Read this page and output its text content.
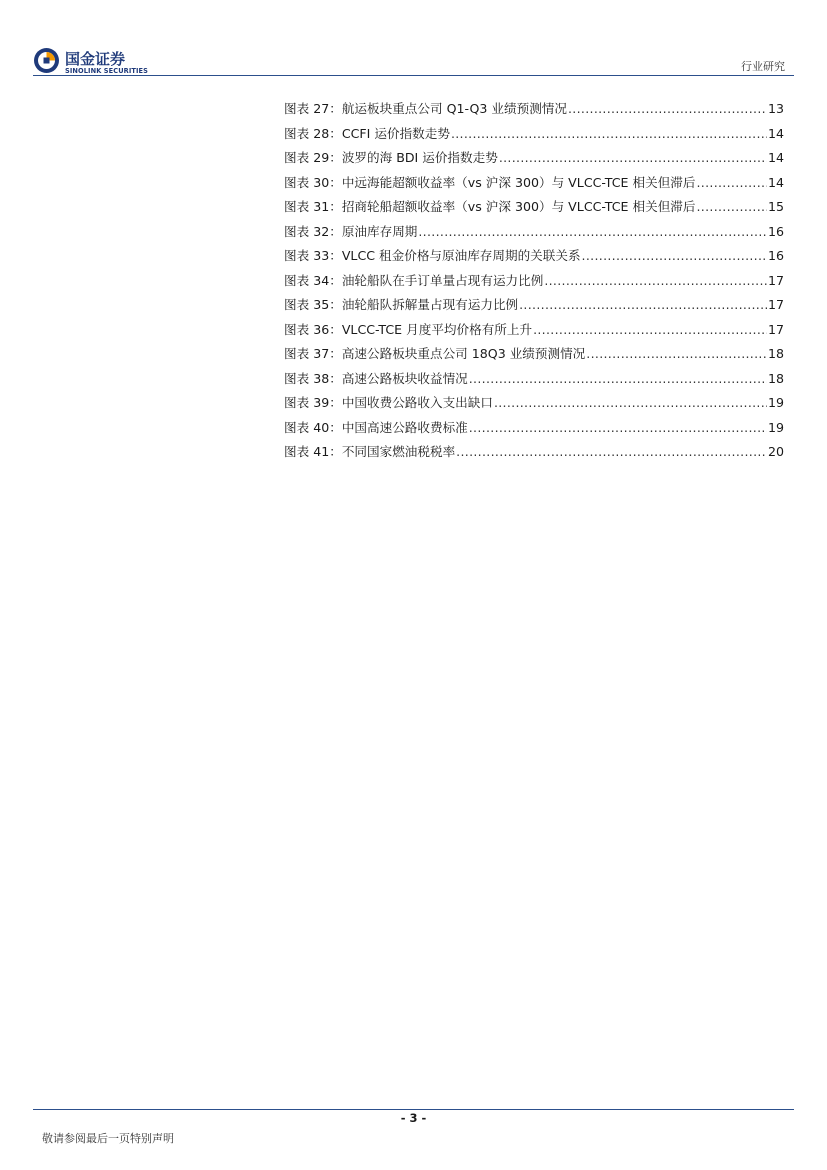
国金证券
SINOLINK SECURITIES	行业研究
图表 27： 航运板块重点公司 Q1-Q3 业绩预测情况 .....	13
图表 28： CCFI 运价指数走势 .....	14
图表 29： 波罗的海 BDI 运价指数走势 .....	14
图表 30： 中远海能超额收益率（vs 沪深 300）与 VLCC-TCE 相关但滞后 .....	14
图表 31： 招商轮船超额收益率（vs 沪深 300）与 VLCC-TCE 相关但滞后 .....	15
图表 32： 原油库存周期 .....	16
图表 33： VLCC 租金价格与原油库存周期的关联关系 .....	16
图表 34： 油轮船队在手订单量占现有运力比例 .....	17
图表 35： 油轮船队拆解量占现有运力比例 .....	17
图表 36： VLCC-TCE 月度平均价格有所上升 .....	17
图表 37： 高速公路板块重点公司 18Q3 业绩预测情况 .....	18
图表 38： 高速公路板块收益情况 .....	18
图表 39： 中国收费公路收入支出缺口 .....	19
图表 40： 中国高速公路收费标准 .....	19
图表 41： 不同国家燃油税税率 .....	20
- 3 -
敬请参阅最后一页特别声明
